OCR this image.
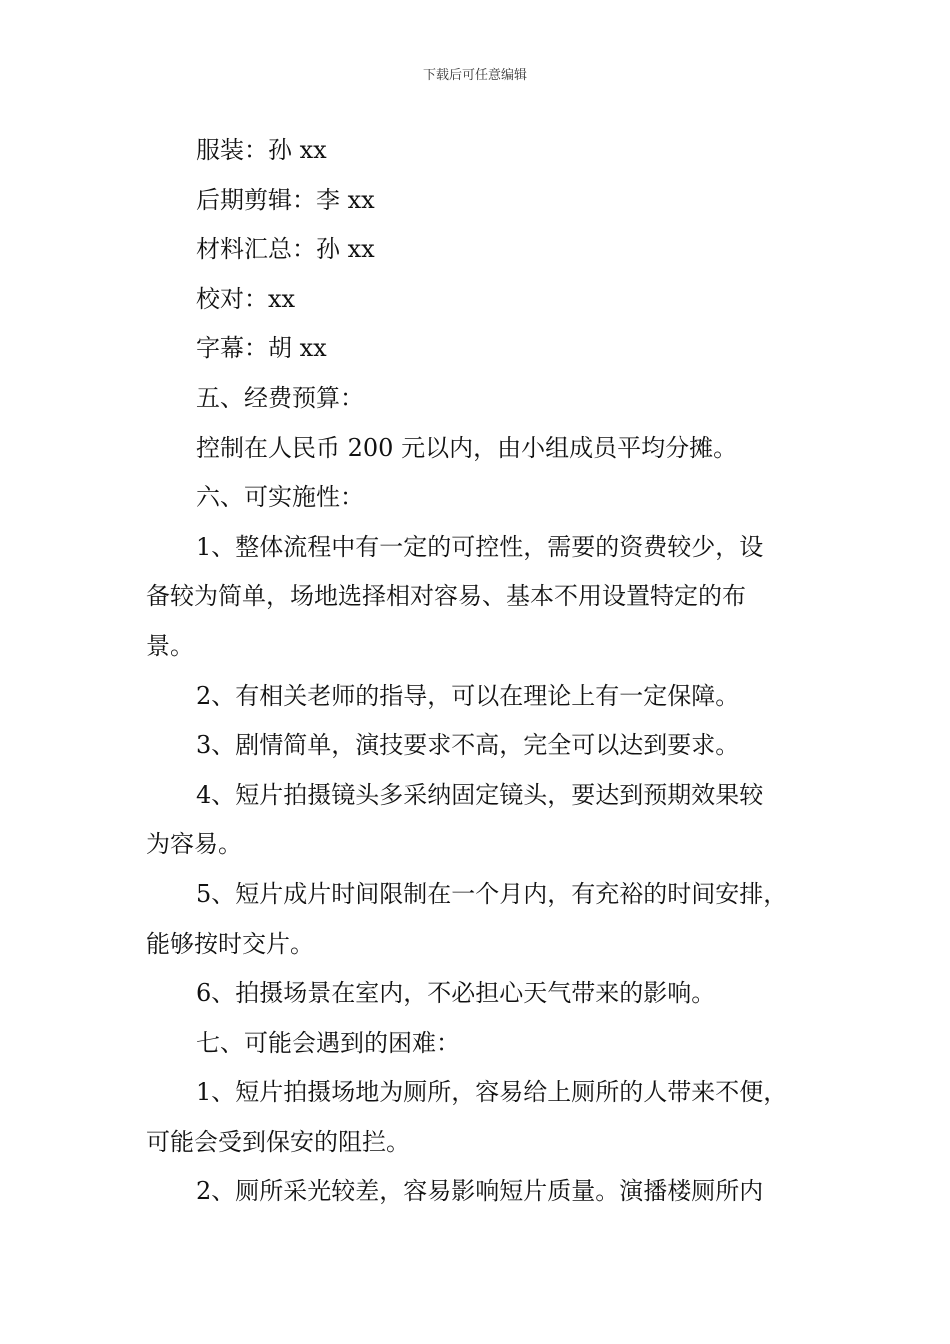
下载后可任意编辑
服装：孙 xx
后期剪辑：李 xx
材料汇总：孙 xx
校对：xx
字幕：胡 xx
五、经费预算：
控制在人民币 200 元以内，由小组成员平均分摊。
六、可实施性：
1、整体流程中有一定的可控性，需要的资费较少，设
备较为简单，场地选择相对容易、基本不用设置特定的布
景。
2、有相关老师的指导，可以在理论上有一定保障。
3、剧情简单，演技要求不高，完全可以达到要求。
4、短片拍摄镜头多采纳固定镜头，要达到预期效果较
为容易。
5、短片成片时间限制在一个月内，有充裕的时间安排，
能够按时交片。
6、拍摄场景在室内，不必担心天气带来的影响。
七、可能会遇到的困难：
1、短片拍摄场地为厕所，容易给上厕所的人带来不便，
可能会受到保安的阻拦。
2、厕所采光较差，容易影响短片质量。演播楼厕所内
